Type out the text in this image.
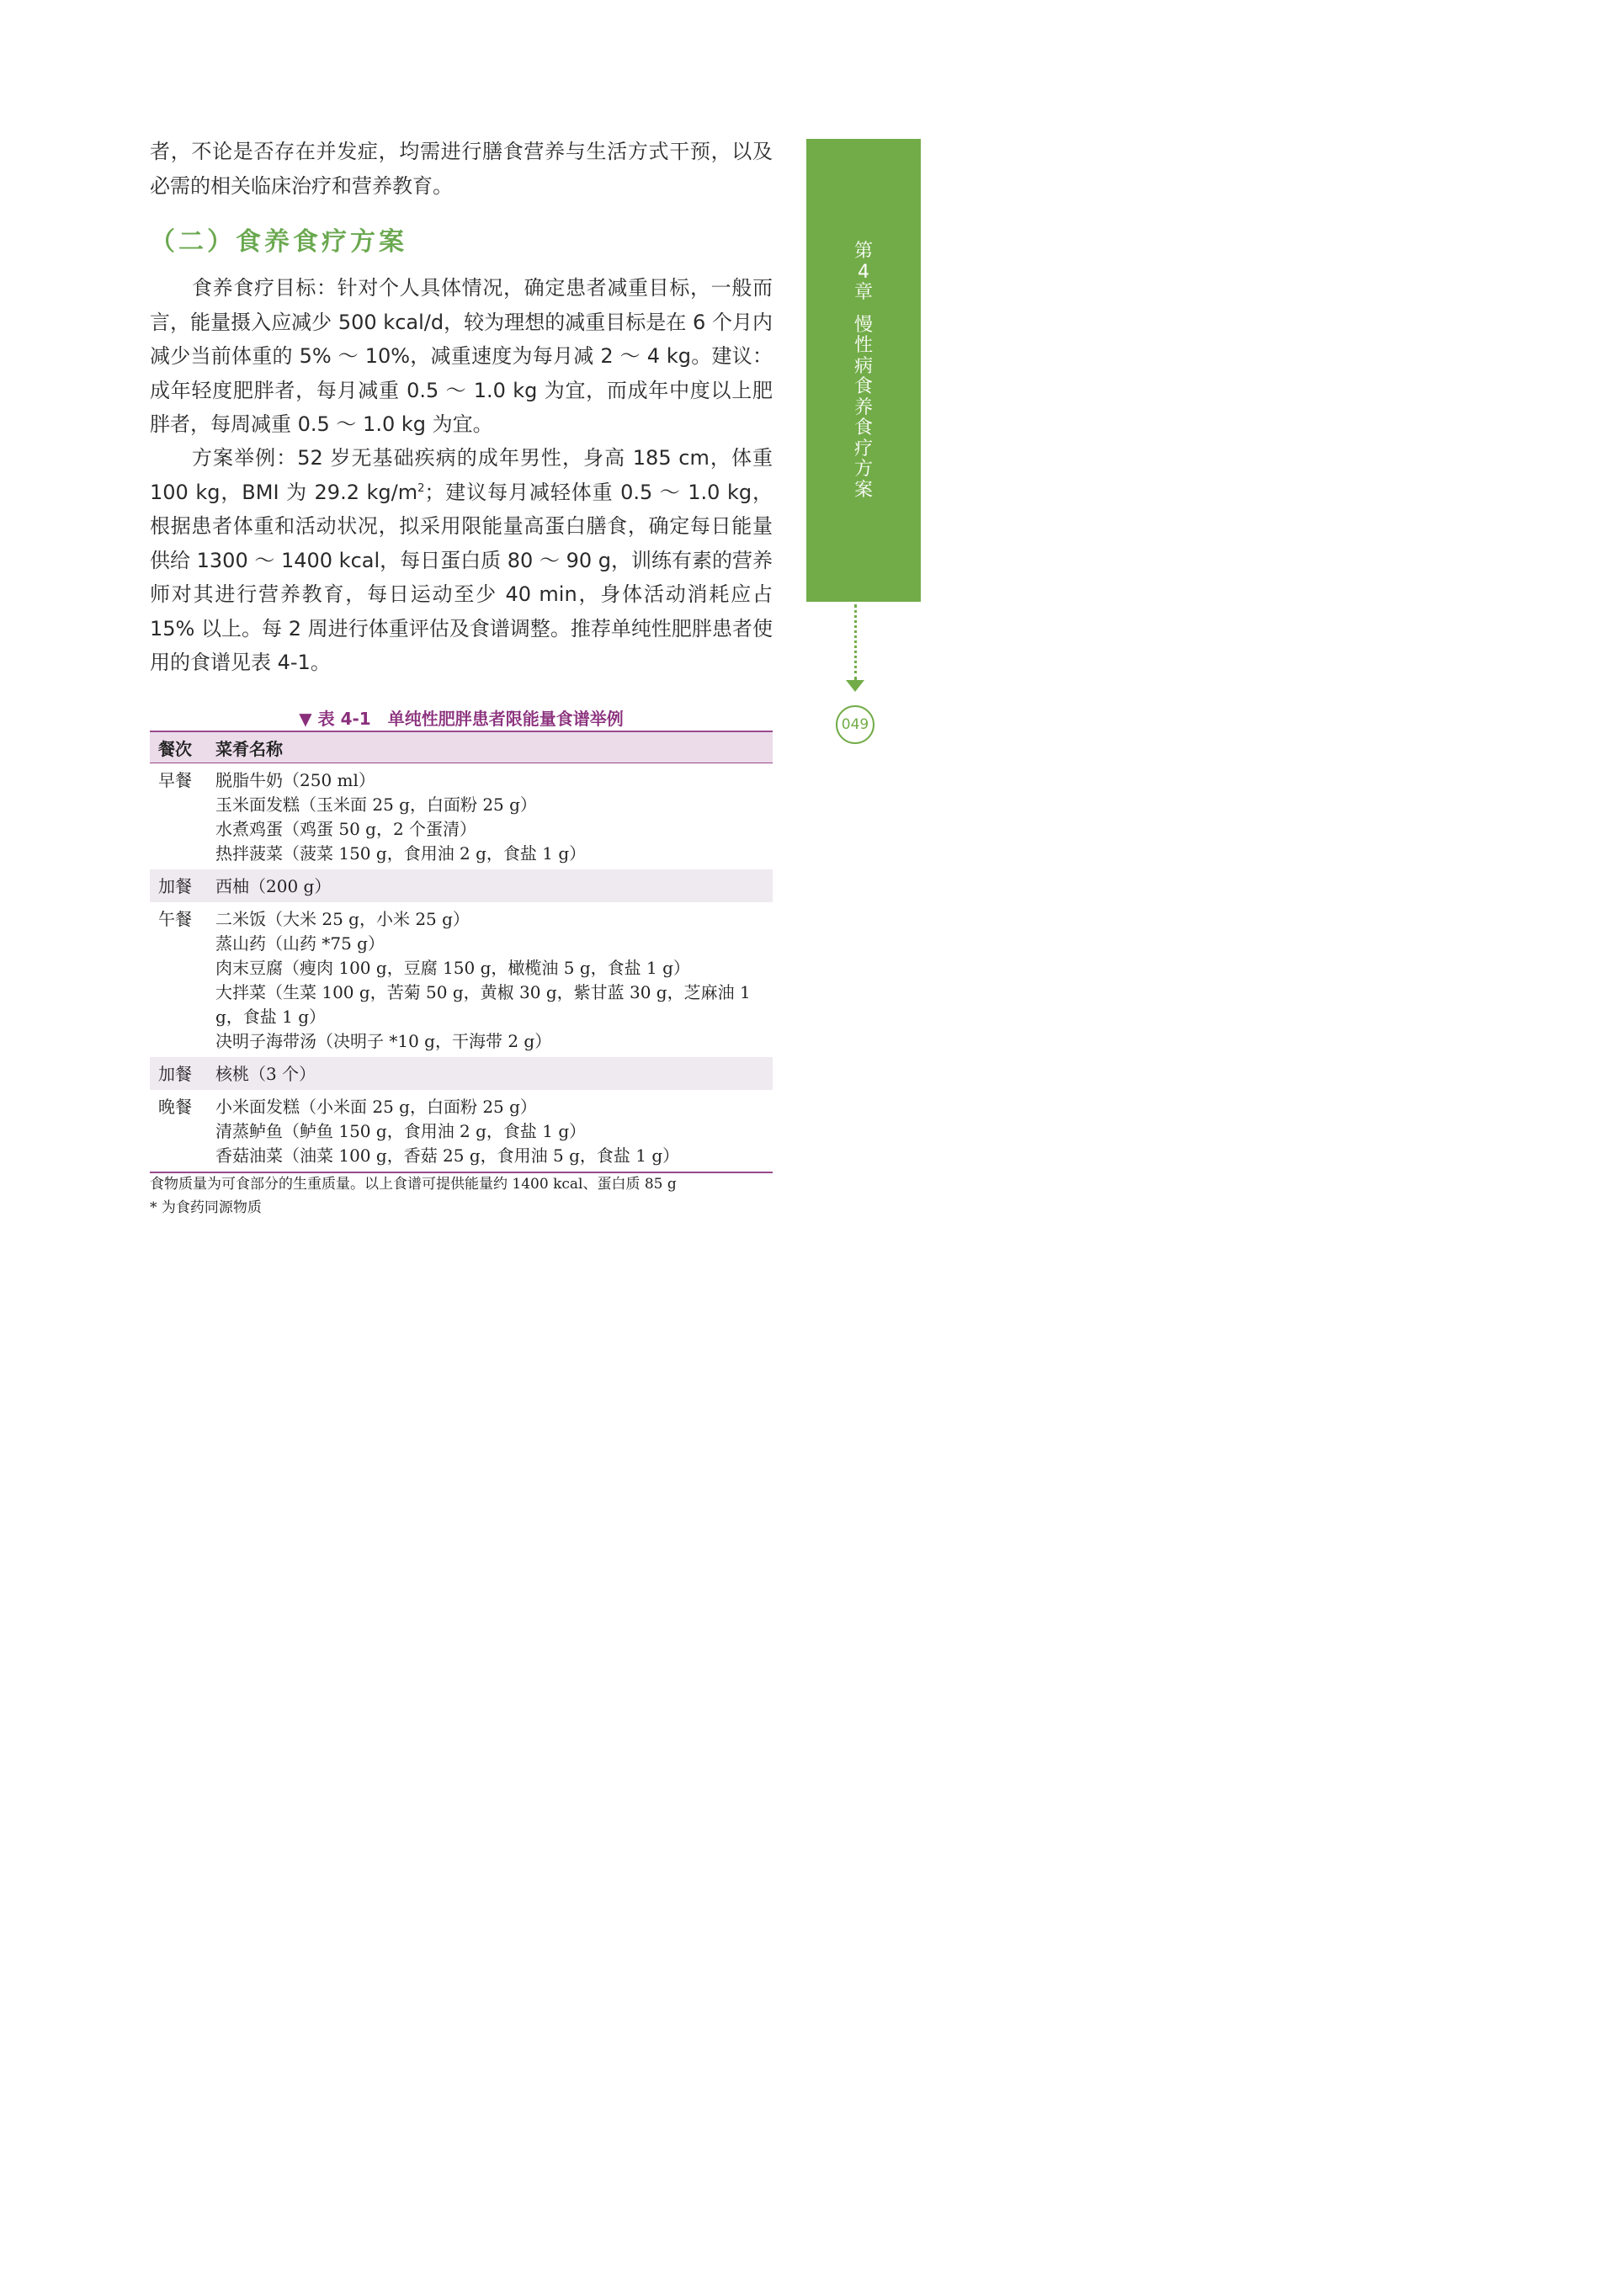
者，不论是否存在并发症，均需进行膳食营养与生活方式干预，以及必需的相关临床治疗和营养教育。

（二）食养食疗方案

食养食疗目标：针对个人具体情况，确定患者减重目标，一般而言，能量摄入应减少 500 kcal/d，较为理想的减重目标是在 6 个月内减少当前体重的 5% ～ 10%，减重速度为每月减 2 ～ 4 kg。建议：成年轻度肥胖者，每月减重 0.5 ～ 1.0 kg 为宜，而成年中度以上肥胖者，每周减重 0.5 ～ 1.0 kg 为宜。

方案举例：52 岁无基础疾病的成年男性，身高 185 cm，体重 100 kg，BMI 为 29.2 $kg/m^2$；建议每月减轻体重 0.5 ～ 1.0 kg，根据患者体重和活动状况，拟采用限能量高蛋白膳食，确定每日能量供给 1300 ～ 1400 kcal，每日蛋白质 80 ～ 90 g，训练有素的营养师对其进行营养教育，每日运动至少 40 min，身体活动消耗应占 15% 以上。每 2 周进行体重评估及食谱调整。推荐单纯性肥胖患者使用的食谱见表 4-1。

第
4
章
慢
性
病
食
养
食
疗
方
案
049
▼ 表 4-1　单纯性肥胖患者限能量食谱举例
餐次	菜肴名称
早餐	脱脂牛奶（250 ml）
玉米面发糕（玉米面 25 g，白面粉 25 g）
水煮鸡蛋（鸡蛋 50 g，2 个蛋清）
热拌菠菜（菠菜 150 g，食用油 2 g，食盐 1 g）

加餐	西柚（200 g）

午餐	二米饭（大米 25 g，小米 25 g）
蒸山药（山药 *75 g）
肉末豆腐（瘦肉 100 g，豆腐 150 g，橄榄油 5 g，食盐 1 g）
大拌菜（生菜 100 g，苦菊 50 g，黄椒 30 g，紫甘蓝 30 g，芝麻油 1 g，食盐 1 g）
决明子海带汤（决明子 *10 g，干海带 2 g）

加餐	核桃（3 个）

晚餐	小米面发糕（小米面 25 g，白面粉 25 g）
清蒸鲈鱼（鲈鱼 150 g，食用油 2 g，食盐 1 g）
香菇油菜（油菜 100 g，香菇 25 g，食用油 5 g，食盐 1 g）

食物质量为可食部分的生重质量。以上食谱可提供能量约 1400 kcal、蛋白质 85 g

* 为食药同源物质
